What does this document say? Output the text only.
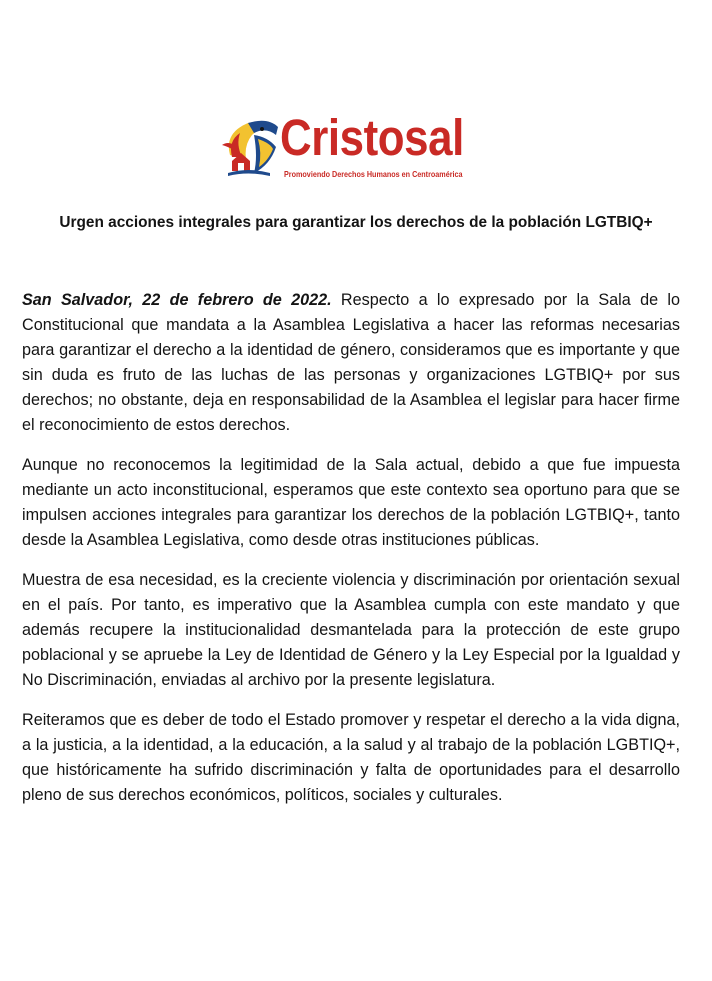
Cristosal
Promoviendo Derechos Humanos en Centroamérica
Urgen acciones integrales para garantizar los derechos de la población LGTBIQ+

San Salvador, 22 de febrero de 2022. Respecto a lo expresado por la Sala de lo Constitucional que mandata a la Asamblea Legislativa a hacer las reformas necesarias para garantizar el derecho a la identidad de género, consideramos que es importante y que sin duda es fruto de las luchas de las personas y organizaciones LGTBIQ+ por sus derechos; no obstante, deja en responsabilidad de la Asamblea el legislar para hacer firme el reconocimiento de estos derechos.

Aunque no reconocemos la legitimidad de la Sala actual, debido a que fue impuesta mediante un acto inconstitucional, esperamos que este contexto sea oportuno para que se impulsen acciones integrales para garantizar los derechos de la población LGTBIQ+, tanto desde la Asamblea Legislativa, como desde otras instituciones públicas.

Muestra de esa necesidad, es la creciente violencia y discriminación por orientación sexual en el país. Por tanto, es imperativo que la Asamblea cumpla con este mandato y que además recupere la institucionalidad desmantelada para la protección de este grupo poblacional y se apruebe la Ley de Identidad de Género y la Ley Especial por la Igualdad y No Discriminación, enviadas al archivo por la presente legislatura.

Reiteramos que es deber de todo el Estado promover y respetar el derecho a la vida digna, a la justicia, a la identidad, a la educación, a la salud y al trabajo de la población LGBTIQ+, que históricamente ha sufrido discriminación y falta de oportunidades para el desarrollo pleno de sus derechos económicos, políticos, sociales y culturales.
